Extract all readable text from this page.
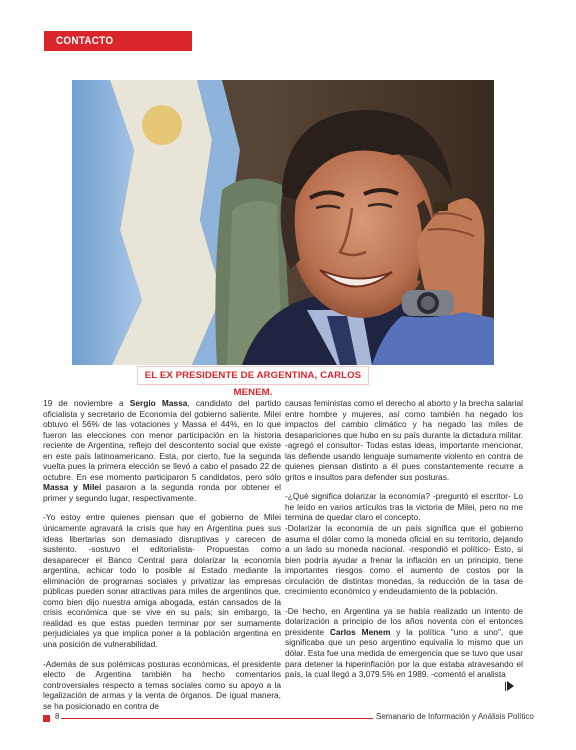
CONTACTO
EL EX PRESIDENTE DE ARGENTINA, CARLOS MENEM.

19 de noviembre a Sergio Massa, candidato del partido oficialista y secretario de Economía del gobierno saliente. Milei obtuvo el 56% de las votaciones y Massa el 44%, en lo que fueron las elecciones con menor participación en la historia reciente de Argentina, reflejo del descontento social que existe en este país latinoamericano. Esta, por cierto, fue la segunda vuelta pues la primera elección se llevó a cabo el pasado 22 de octubre. En ese momento participaron 5 candidatos, pero sólo Massa y Milei pasaron a la segunda ronda por obtener el primer y segundo lugar, respectivamente.

-Yo estoy entre quienes piensan que el gobierno de Milei únicamente agravará la crisis que hay en Argentina pues sus ideas libertarias son demasiado disruptivas y carecen de sustento. -sostuvo el editorialista- Propuestas como desaparecer el Banco Central para dolarizar la economía argentina, achicar todo lo posible al Estado mediante la eliminación de programas sociales y privatizar las empresas públicas pueden sonar atractivas para miles de argentinos que, como bien dijo nuestra amiga abogada, están cansados de la crisis económica que se vive en su país; sin embargo, la realidad es que estas pueden terminar por ser sumamente perjudiciales ya que implica poner a la población argentina en una posición de vulnerabilidad.

-Además de sus polémicas posturas económicas, el presidente electo de Argentina también ha hecho comentarios controversiales respecto a temas sociales como su apoyo a la legalización de armas y la venta de órganos. De igual manera, se ha posicionado en contra de

causas feministas como el derecho al aborto y la brecha salarial entre hombre y mujeres, así como también ha negado los impactos del cambio climático y ha negado las miles de desapariciones que hubo en su país durante la dictadura militar. -agregó el consultor- Todas estas ideas, importante mencionar, las defiende usando lenguaje sumamente violento en contra de quienes piensan distinto a él pues constantemente recurre a gritos e insultos para defender sus posturas.

-¿Qué significa dolarizar la economía? -preguntó el escritor- Lo he leído en varios artículos tras la victoria de Milei, pero no me termina de quedar claro el concepto.

-Dolarizar la economía de un país significa que el gobierno asuma el dólar como la moneda oficial en su territorio, dejando a un lado su moneda nacional. -respondió el político- Esto, si bien podría ayudar a frenar la inflación en un principio, tiene importantes riesgos como el aumento de costos por la circulación de distintas monedas, la reducción de la tasa de crecimiento económico y endeudamiento de la población.

-De hecho, en Argentina ya se había realizado un intento de dolarización a principio de los años noventa con el entonces presidente Carlos Menem y la política "uno a uno", que significaba que un peso argentino equivalía lo mismo que un dólar. Esta fue una medida de emergencia que se tuvo que usar para detener la hiperinflación por la que estaba atravesando el país, la cual llegó a 3,079.5% en 1989. -comentó el analista

8	Semanario de Información y Análisis Político
